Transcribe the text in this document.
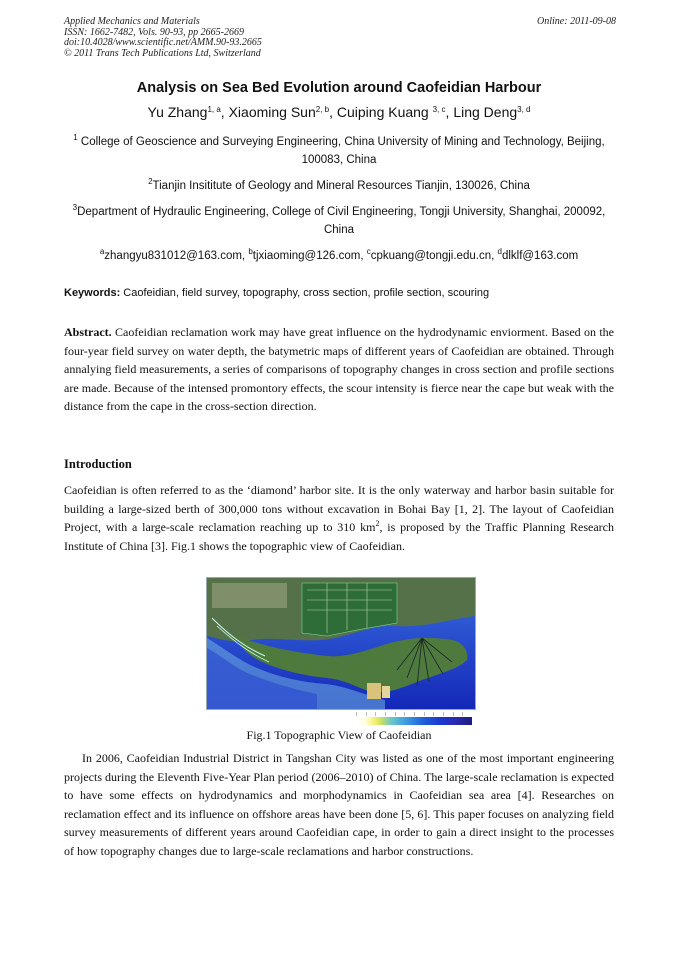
Applied Mechanics and Materials
ISSN: 1662-7482, Vols. 90-93, pp 2665-2669
doi:10.4028/www.scientific.net/AMM.90-93.2665
© 2011 Trans Tech Publications Ltd, Switzerland
Online: 2011-09-08
Analysis on Sea Bed Evolution around Caofeidian Harbour
Yu Zhang$^{1, a}$, Xiaoming Sun$^{2, b}$, Cuiping Kuang $^{3, c}$, Ling Deng$^{3, d}$
$^1$ College of Geoscience and Surveying Engineering, China University of Mining and Technology, Beijing, 100083, China
$^2$Tianjin Insititute of Geology and Mineral Resources Tianjin, 130026, China
$^3$Department of Hydraulic Engineering, College of Civil Engineering, Tongji University, Shanghai, 200092, China
$^a$zhangyu831012@163.com, $^b$tjxiaoming@126.com, $^c$cpkuang@tongji.edu.cn, $^d$dlklf@163.com
Keywords: Caofeidian, field survey, topography, cross section, profile section, scouring
Abstract. Caofeidian reclamation work may have great influence on the hydrodynamic enviorment. Based on the four-year field survey on water depth, the batymetric maps of different years of Caofeidian are obtained. Through annalying field measurements, a series of comparisons of topography changes in cross section and profile sections are made. Because of the intensed promontory effects, the scour intensity is fierce near the cape but weak with the distance from the cape in the cross-section direction.
Introduction
Caofeidian is often referred to as the ‘diamond’ harbor site. It is the only waterway and harbor basin suitable for building a large-sized berth of 300,000 tons without excavation in Bohai Bay [1, 2]. The layout of Caofeidian Project, with a large-scale reclamation reaching up to 310 $km^2$, is proposed by the Traffic Planning Research Institute of China [3]. Fig.1 shows the topographic view of Caofeidian.
Fig.1 Topographic View of Caofeidian
In 2006, Caofeidian Industrial District in Tangshan City was listed as one of the most important engineering projects during the Eleventh Five-Year Plan period (2006–2010) of China. The large-scale reclamation is expected to have some effects on hydrodynamics and morphodynamics in Caofeidian sea area [4]. Researches on reclamation effect and its influence on offshore areas have been done [5, 6]. This paper focuses on analyzing field survey measurements of different years around Caofeidian cape, in order to gain a direct insight to the processes of how topography changes due to large-scale reclamations and harbor constructions.
